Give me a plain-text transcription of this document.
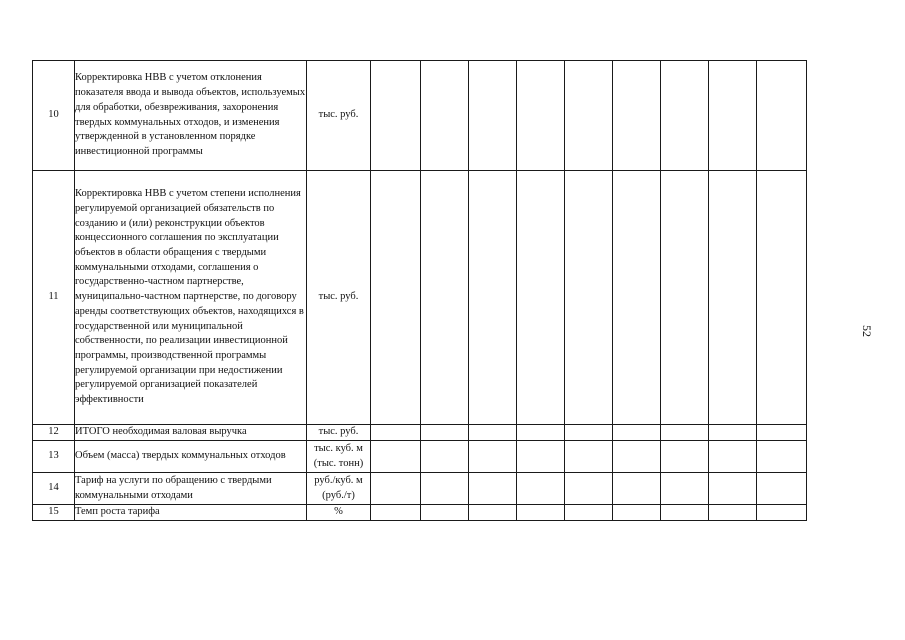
10	Корректировка НВВ с учетом отклонения показателя ввода и вывода объектов, используемых для обработки, обезвреживания, захоронения твердых коммунальных отходов, и изменения утвержденной в установленном порядке инвестиционной программы	тыс. руб.									
11	Корректировка НВВ с учетом степени исполнения регулируемой организацией обязательств по созданию и (или) реконструкции объектов концессионного соглашения по эксплуатации объектов в области обращения с твердыми коммунальными отходами, соглашения о государственно-частном партнерстве, муниципально-частном партнерстве, по договору аренды соответствующих объектов, находящихся в государственной или муниципальной собственности, по реализации инвестиционной программы, производственной программы регулируемой организации при недостижении регулируемой организацией показателей эффективности	тыс. руб.									
12	ИТОГО необходимая валовая выручка	тыс. руб.									
13	Объем (масса) твердых коммунальных отходов	тыс. куб. м (тыс. тонн)									
14	Тариф на услуги по обращению с твердыми коммунальными отходами	руб./куб. м (руб./т)									
15	Темп роста тарифа	%									
52
